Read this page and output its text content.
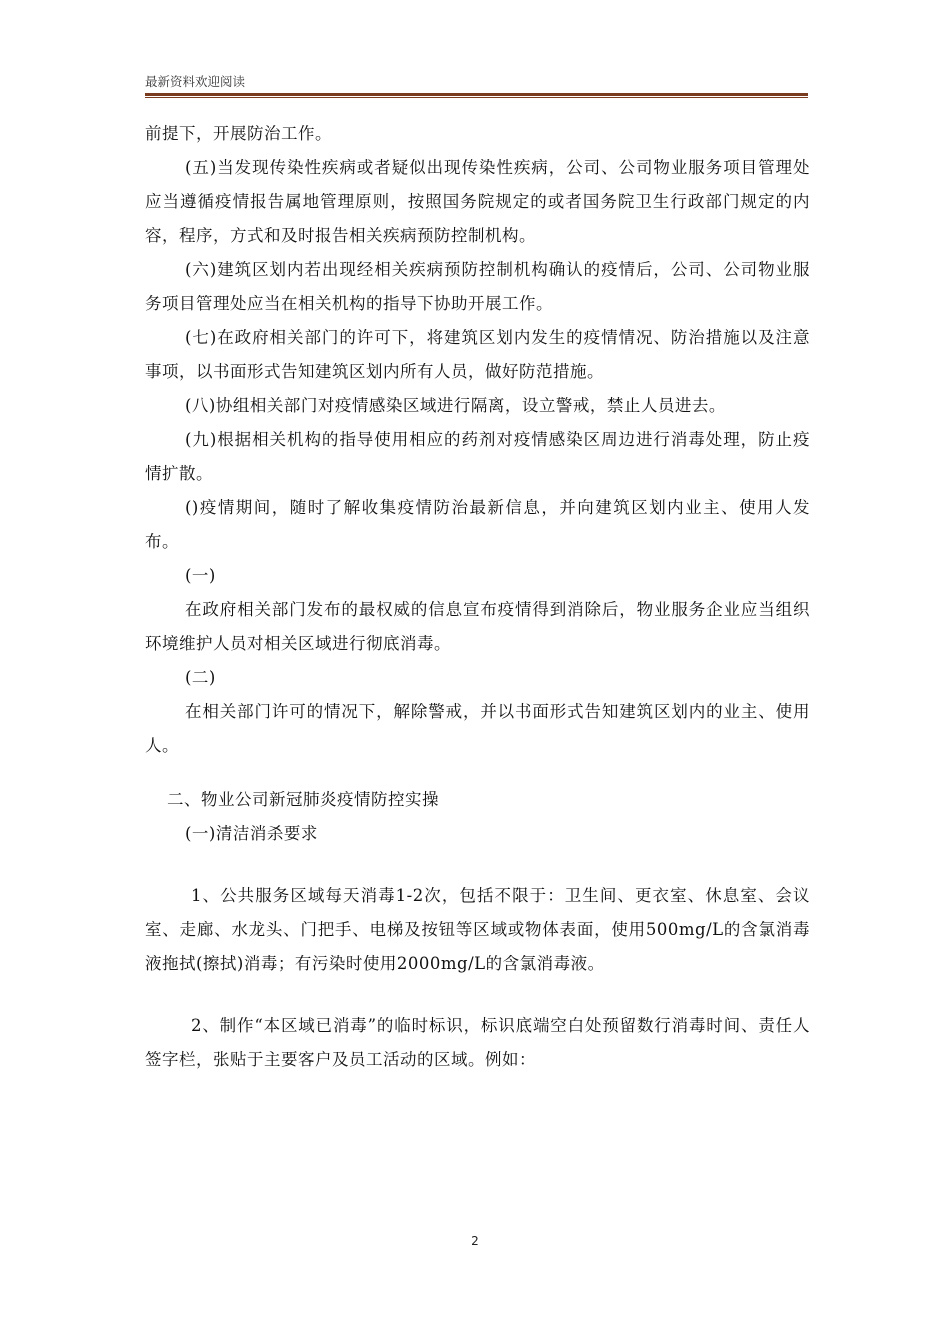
最新资料欢迎阅读

前提下，开展防治工作。

(五)当发现传染性疾病或者疑似出现传染性疾病，公司、公司物业服务项目管理处应当遵循疫情报告属地管理原则，按照国务院规定的或者国务院卫生行政部门规定的内容，程序，方式和及时报告相关疾病预防控制机构。

(六)建筑区划内若出现经相关疾病预防控制机构确认的疫情后，公司、公司物业服务项目管理处应当在相关机构的指导下协助开展工作。

(七)在政府相关部门的许可下，将建筑区划内发生的疫情情况、防治措施以及注意事项，以书面形式告知建筑区划内所有人员，做好防范措施。

(八)协组相关部门对疫情感染区域进行隔离，设立警戒，禁止人员进去。

(九)根据相关机构的指导使用相应的药剂对疫情感染区周边进行消毒处理，防止疫情扩散。

()疫情期间，随时了解收集疫情防治最新信息，并向建筑区划内业主、使用人发布。

(一)

在政府相关部门发布的最权威的信息宣布疫情得到消除后，物业服务企业应当组织环境维护人员对相关区域进行彻底消毒。

(二)

在相关部门许可的情况下，解除警戒，并以书面形式告知建筑区划内的业主、使用人。

二、物业公司新冠肺炎疫情防控实操

(一)清洁消杀要求

1、公共服务区域每天消毒1-2次，包括不限于：卫生间、更衣室、休息室、会议室、走廊、水龙头、门把手、电梯及按钮等区域或物体表面，使用500mg/L的含氯消毒液拖拭(擦拭)消毒；有污染时使用2000mg/L的含氯消毒液。

2、制作“本区域已消毒”的临时标识，标识底端空白处预留数行消毒时间、责任人签字栏，张贴于主要客户及员工活动的区域。例如：

2
